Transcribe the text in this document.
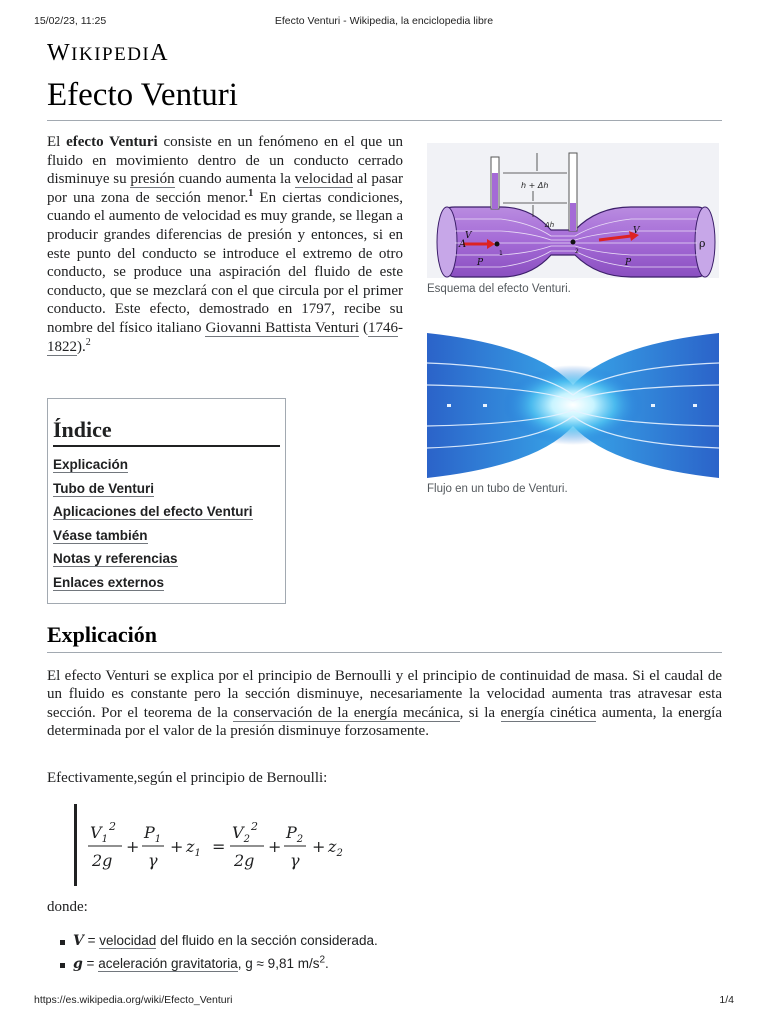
15/02/23, 11:25	Efecto Venturi - Wikipedia, la enciclopedia libre
WIKIPEDIA
Efecto Venturi

El efecto Venturi consiste en un fenómeno en el que un fluido en movimiento dentro de un conducto cerrado disminuye su presión cuando aumenta la velocidad al pasar por una zona de sección menor.$^1$ En ciertas condiciones, cuando el aumento de velocidad es muy grande, se llegan a producir grandes diferencias de presión y entonces, si en este punto del conducto se introduce el extremo de otro conducto, se produce una aspiración del fluido de este conducto, que se mezclará con el que circula por el primer conducto. Este efecto, demostrado en 1797, recibe su nombre del físico italiano Giovanni Battista Venturi (1746-1822).$^2$

h + Δh
Δh
A
V
P
V
P
ρ
1	2
Esquema del efecto Venturi.
Flujo en un tubo de Venturi.
Índice
Explicación
Tubo de Venturi
Aplicaciones del efecto Venturi
Véase también
Notas y referencias
Enlaces externos
Explicación

El efecto Venturi se explica por el principio de Bernoulli y el principio de continuidad de masa. Si el caudal de un fluido es constante pero la sección disminuye, necesariamente la velocidad aumenta tras atravesar esta sección. Por el teorema de la conservación de la energía mecánica, si la energía cinética aumenta, la energía determinada por el valor de la presión disminuye forzosamente.

Efectivamente,según el principio de Bernoulli:

$V_1^2$
2g
+
$P_1$
γ
+ $z_1$ =
$V_2^2$
2g
+
$P_2$
γ
+ $z_2$

donde:

V = velocidad del fluido en la sección considerada.
g = aceleración gravitatoria, g ≈ 9,81 $m/s^2$.
https://es.wikipedia.org/wiki/Efecto_Venturi	1/4
